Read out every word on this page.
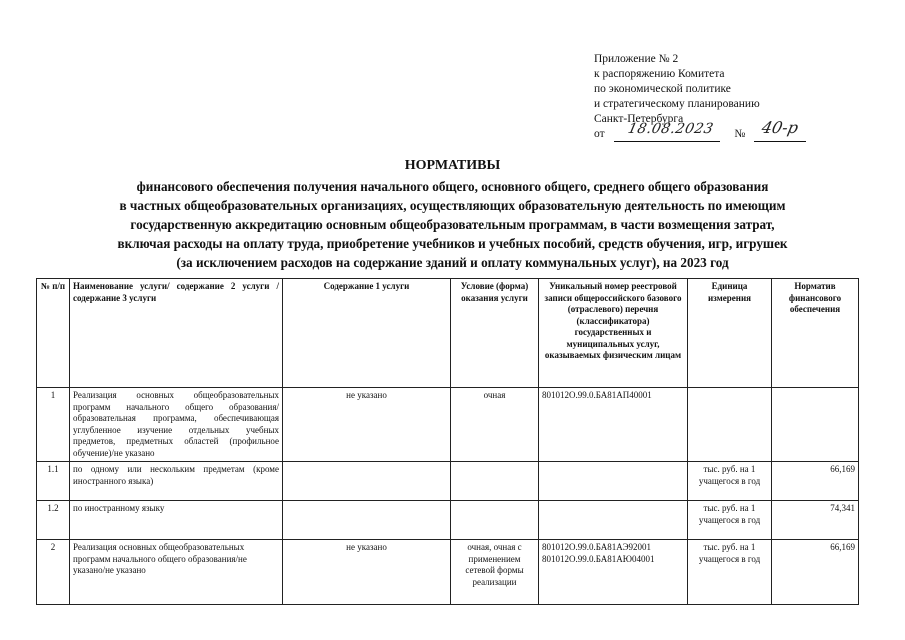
Приложение № 2
к распоряжению Комитета
по экономической политике
и стратегическому планированию
Санкт-Петербурга
от 18.08.2023 № 40-р
НОРМАТИВЫ
финансового обеспечения получения начального общего, основного общего, среднего общего образования
в частных общеобразовательных организациях, осуществляющих образовательную деятельность по имеющим
государственную аккредитацию основным общеобразовательным программам, в части возмещения затрат,
включая расходы на оплату труда, приобретение учебников и учебных пособий, средств обучения, игр, игрушек
(за исключением расходов на содержание зданий и оплату коммунальных услуг), на 2023 год
№ п/п	Наименование услуги/ содержание 2 услуги / содержание 3 услуги	Содержание 1 услуги	Условие (форма) оказания услуги	Уникальный номер реестровой записи общероссийского базового (отраслевого) перечня (классификатора) государственных и муниципальных услуг, оказываемых физическим лицам	Единица измерения	Норматив финансового обеспечения
1	Реализация основных общеобразовательных программ начального общего образования/образовательная программа, обеспечивающая углубленное изучение отдельных учебных предметов, предметных областей (профильное обучение)/не указано	не указано	очная	801012О.99.0.БА81АП40001		
1.1	по одному или нескольким предметам (кроме иностранного языка)				тыс. руб. на 1 учащегося в год	66,169
1.2	по иностранному языку				тыс. руб. на 1 учащегося в год	74,341
2	Реализация основных общеобразовательных программ начального общего образования/не указано/не указано	не указано	очная, очная с применением сетевой формы реализации	801012О.99.0.БА81АЭ92001 801012О.99.0.БА81АЮ04001	тыс. руб. на 1 учащегося в год	66,169
